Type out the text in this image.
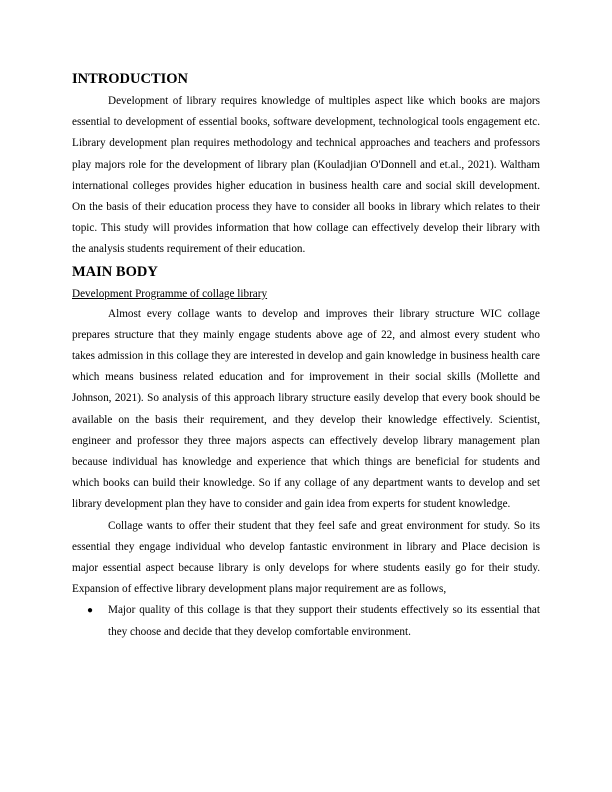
INTRODUCTION

Development of library requires knowledge of multiples aspect like which books are majors essential to development of essential books, software development, technological tools engagement etc. Library development plan requires methodology and technical approaches and teachers and professors play majors role for the development of library plan (Kouladjian O'Donnell and et.al., 2021). Waltham international colleges provides higher education in business health care and social skill development. On the basis of their education process they have to consider all books in library which relates to their topic. This study will provides information that how collage can effectively develop their library with the analysis students requirement of their education.

MAIN BODY
Development Programme of collage library

Almost every collage wants to develop and improves their library structure WIC collage prepares structure that they mainly engage students above age of 22, and almost every student who takes admission in this collage they are interested in develop and gain knowledge in business health care which means business related education and for improvement in their social skills (Mollette and Johnson, 2021). So analysis of this approach library structure easily develop that every book should be available on the basis their requirement, and they develop their knowledge effectively. Scientist, engineer and professor they three majors aspects can effectively develop library management plan because individual has knowledge and experience that which things are beneficial for students and which books can build their knowledge. So if any collage of any department wants to develop and set library development plan they have to consider and gain idea from experts for student knowledge.

Collage wants to offer their student that they feel safe and great environment for study. So its essential they engage individual who develop fantastic environment in library and Place decision is major essential aspect because library is only develops for where students easily go for their study. Expansion of effective library development plans major requirement are as follows,

● Major quality of this collage is that they support their students effectively so its essential that they choose and decide that they develop comfortable environment.
